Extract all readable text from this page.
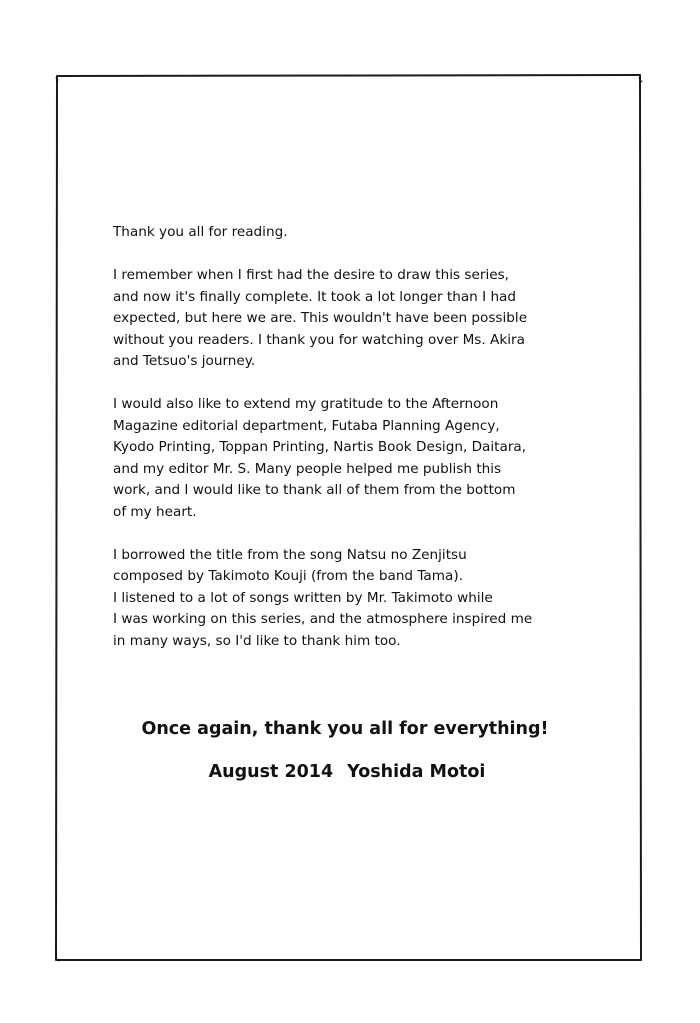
Thank you all for reading.

I remember when I first had the desire to draw this series,
and now it's finally complete. It took a lot longer than I had
expected, but here we are. This wouldn't have been possible
without you readers. I thank you for watching over Ms. Akira
and Tetsuo's journey.

I would also like to extend my gratitude to the Afternoon
Magazine editorial department, Futaba Planning Agency,
Kyodo Printing, Toppan Printing, Nartis Book Design, Daitara,
and my editor Mr. S. Many people helped me publish this
work, and I would like to thank all of them from the bottom
of my heart.

I borrowed the title from the song Natsu no Zenjitsu
composed by Takimoto Kouji (from the band Tama).
I listened to a lot of songs written by Mr. Takimoto while
I was working on this series, and the atmosphere inspired me
in many ways, so I'd like to thank him too.

Once again, thank you all for everything!
August 2014 Yoshida Motoi
